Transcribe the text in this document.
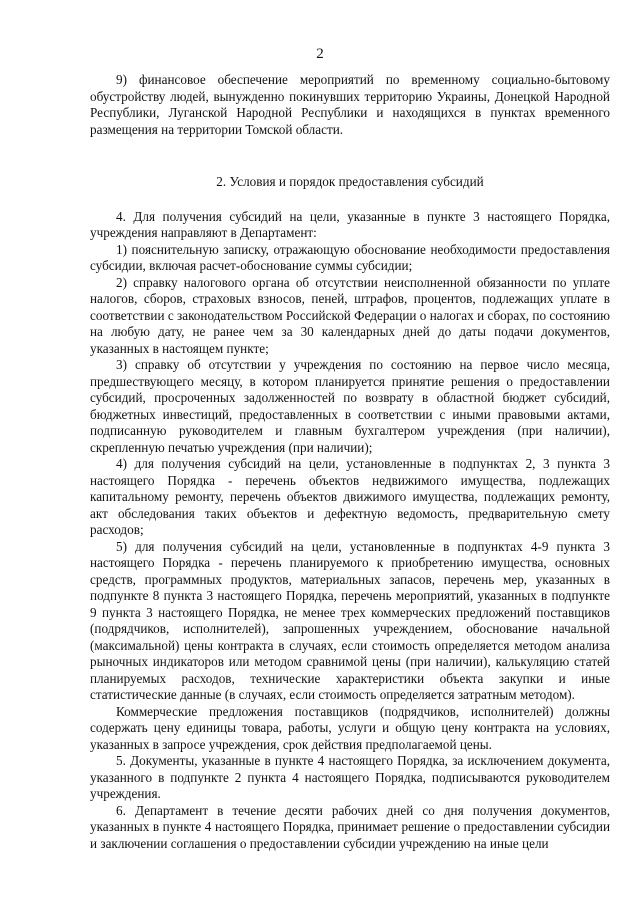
2

9) финансовое обеспечение мероприятий по временному социально-бытовому обустройству людей, вынужденно покинувших территорию Украины, Донецкой Народной Республики, Луганской Народной Республики и находящихся в пунктах временного размещения на территории Томской области.

2. Условия и порядок предоставления субсидий

4. Для получения субсидий на цели, указанные в пункте 3 настоящего Порядка, учреждения направляют в Департамент:

1) пояснительную записку, отражающую обоснование необходимости предоставления субсидии, включая расчет-обоснование суммы субсидии;

2) справку налогового органа об отсутствии неисполненной обязанности по уплате налогов, сборов, страховых взносов, пеней, штрафов, процентов, подлежащих уплате в соответствии с законодательством Российской Федерации о налогах и сборах, по состоянию на любую дату, не ранее чем за 30 календарных дней до даты подачи документов, указанных в настоящем пункте;

3) справку об отсутствии у учреждения по состоянию на первое число месяца, предшествующего месяцу, в котором планируется принятие решения о предоставлении субсидий, просроченных задолженностей по возврату в областной бюджет субсидий, бюджетных инвестиций, предоставленных в соответствии с иными правовыми актами, подписанную руководителем и главным бухгалтером учреждения (при наличии), скрепленную печатью учреждения (при наличии);

4) для получения субсидий на цели, установленные в подпунктах 2, 3 пункта 3 настоящего Порядка - перечень объектов недвижимого имущества, подлежащих капитальному ремонту, перечень объектов движимого имущества, подлежащих ремонту, акт обследования таких объектов и дефектную ведомость, предварительную смету расходов;

5) для получения субсидий на цели, установленные в подпунктах 4-9 пункта 3 настоящего Порядка - перечень планируемого к приобретению имущества, основных средств, программных продуктов, материальных запасов, перечень мер, указанных в подпункте 8 пункта 3 настоящего Порядка, перечень мероприятий, указанных в подпункте 9 пункта 3 настоящего Порядка, не менее трех коммерческих предложений поставщиков (подрядчиков, исполнителей), запрошенных учреждением, обоснование начальной (максимальной) цены контракта в случаях, если стоимость определяется методом анализа рыночных индикаторов или методом сравнимой цены (при наличии), калькуляцию статей планируемых расходов, технические характеристики объекта закупки и иные статистические данные (в случаях, если стоимость определяется затратным методом).

Коммерческие предложения поставщиков (подрядчиков, исполнителей) должны содержать цену единицы товара, работы, услуги и общую цену контракта на условиях, указанных в запросе учреждения, срок действия предполагаемой цены.

5. Документы, указанные в пункте 4 настоящего Порядка, за исключением документа, указанного в подпункте 2 пункта 4 настоящего Порядка, подписываются руководителем учреждения.

6. Департамент в течение десяти рабочих дней со дня получения документов, указанных в пункте 4 настоящего Порядка, принимает решение о предоставлении субсидии и заключении соглашения о предоставлении субсидии учреждению на иные цели
